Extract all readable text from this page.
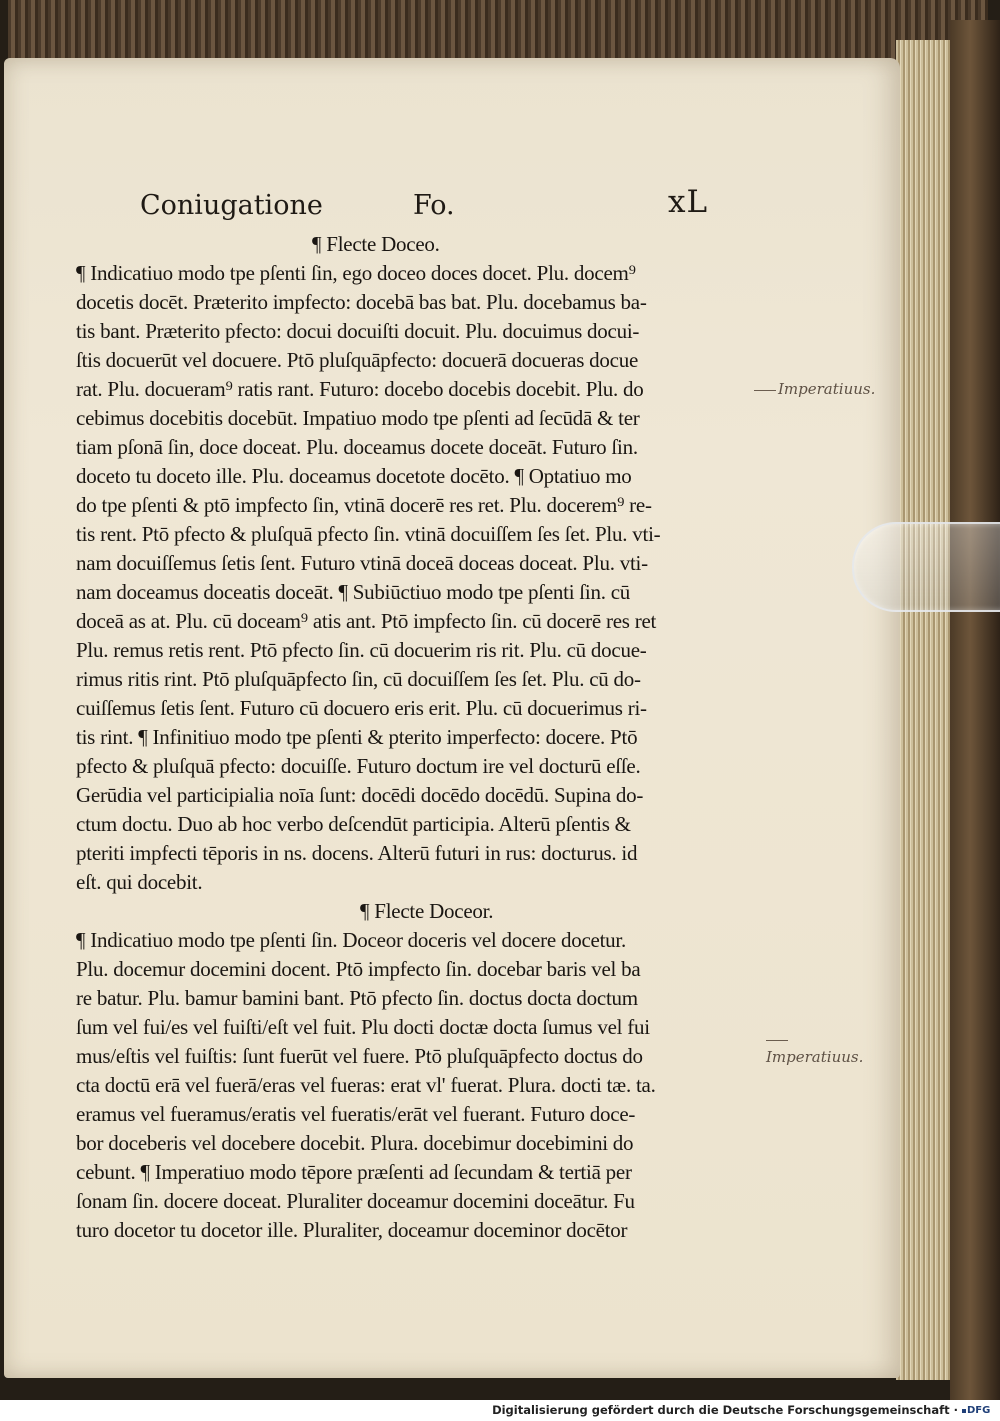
Coniugatione	Fo.	xL
¶ Flecte Doceo.
¶ Indicatiuo modo tpe pſenti ſin, ego doceo doces docet. Plu. docem⁹
docetis docēt. Præterito impfecto: docebā bas bat. Plu. docebamus ba-
tis bant. Præterito pfecto: docui docuiſti docuit. Plu. docuimus docui-
ſtis docuerūt vel docuere. Ptō pluſquāpfecto: docuerā docueras docue
rat. Plu. docueram⁹ ratis rant. Futuro: docebo docebis docebit. Plu. do
cebimus docebitis docebūt. Impatiuo modo tpe pſenti ad ſecūdā & ter
tiam pſonā ſin, doce doceat. Plu. doceamus docete doceāt. Futuro ſin.
doceto tu doceto ille. Plu. doceamus docetote docēto. ¶ Optatiuo mo
do tpe pſenti & ptō impfecto ſin, vtinā docerē res ret. Plu. docerem⁹ re-
tis rent. Ptō pfecto & pluſquā pfecto ſin. vtinā docuiſſem ſes ſet. Plu. vti-
nam docuiſſemus ſetis ſent. Futuro vtinā doceā doceas doceat. Plu. vti-
nam doceamus doceatis doceāt. ¶ Subiūctiuo modo tpe pſenti ſin. cū
doceā as at. Plu. cū doceam⁹ atis ant. Ptō impfecto ſin. cū docerē res ret
Plu. remus retis rent. Ptō pfecto ſin. cū docuerim ris rit. Plu. cū docue-
rimus ritis rint. Ptō pluſquāpfecto ſin, cū docuiſſem ſes ſet. Plu. cū do-
cuiſſemus ſetis ſent. Futuro cū docuero eris erit. Plu. cū docuerimus ri-
tis rint. ¶ Infinitiuo modo tpe pſenti & pterito imperfecto: docere. Ptō
pfecto & pluſquā pfecto: docuiſſe. Futuro doctum ire vel docturū eſſe.
Gerūdia vel participialia noīa ſunt: docēdi docēdo docēdū. Supina do-
ctum doctu. Duo ab hoc verbo deſcendūt participia. Alterū pſentis &
pteriti impfecti tēporis in ns. docens. Alterū futuri in rus: docturus. id
eſt. qui docebit.
¶ Flecte Doceor.
¶ Indicatiuo modo tpe pſenti ſin. Doceor doceris vel docere docetur.
Plu. docemur docemini docent. Ptō impfecto ſin. docebar baris vel ba
re batur. Plu. bamur bamini bant. Ptō pfecto ſin. doctus docta doctum
ſum vel fui/es vel fuiſti/eſt vel fuit. Plu docti doctæ docta ſumus vel fui
mus/eſtis vel fuiſtis: ſunt fuerūt vel fuere. Ptō pluſquāpfecto doctus do
cta doctū erā vel fuerā/eras vel fueras: erat vl' fuerat. Plura. docti tæ. ta.
eramus vel fueramus/eratis vel fueratis/erāt vel fuerant. Futuro doce-
bor doceberis vel docebere docebit. Plura. docebimur docebimini do
cebunt. ¶ Imperatiuo modo tēpore præſenti ad ſecundam & tertiā per
ſonam ſin. docere doceat. Pluraliter doceamur docemini doceātur. Fu
turo docetor tu docetor ille. Pluraliter, doceamur doceminor docētor
Imperatiuus.
Imperatiuus.
Digitalisierung gefördert durch die Deutsche Forschungsgemeinschaft · DFG
